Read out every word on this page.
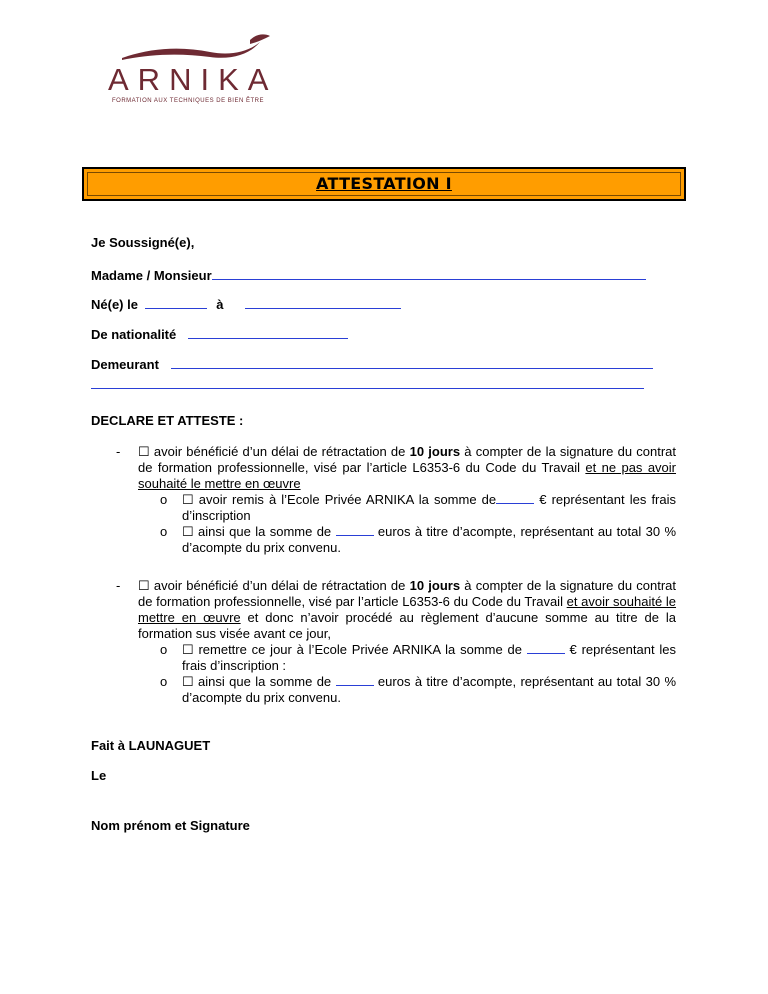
ARNIKA
FORMATION AUX TECHNIQUES DE BIEN ÊTRE
ATTESTATION I
Je Soussigné(e),
Madame / Monsieur
Né(e) le	à
De nationalité
Demeurant
DECLARE ET ATTESTE :
- ☐ avoir bénéficié d’un délai de rétractation de 10 jours à compter de la signature du contrat de formation professionnelle, visé par l’article L6353-6 du Code du Travail et ne pas avoir souhaité le mettre en œuvre
o ☐ avoir remis à l’Ecole Privée ARNIKA la somme de	€ représentant les frais d’inscription
o ☐ ainsi que la somme de	euros à titre d’acompte, représentant au total 30 % d’acompte du prix convenu.
- ☐ avoir bénéficié d’un délai de rétractation de 10 jours à compter de la signature du contrat de formation professionnelle, visé par l’article L6353-6 du Code du Travail et avoir souhaité le mettre en œuvre et donc n’avoir procédé au règlement d’aucune somme au titre de la formation sus visée avant ce jour,
o ☐ remettre ce jour à l’Ecole Privée ARNIKA la somme de	€ représentant les frais d’inscription :
o ☐ ainsi que la somme de	euros à titre d’acompte, représentant au total 30 % d’acompte du prix convenu.
Fait à LAUNAGUET
Le
Nom prénom et Signature
